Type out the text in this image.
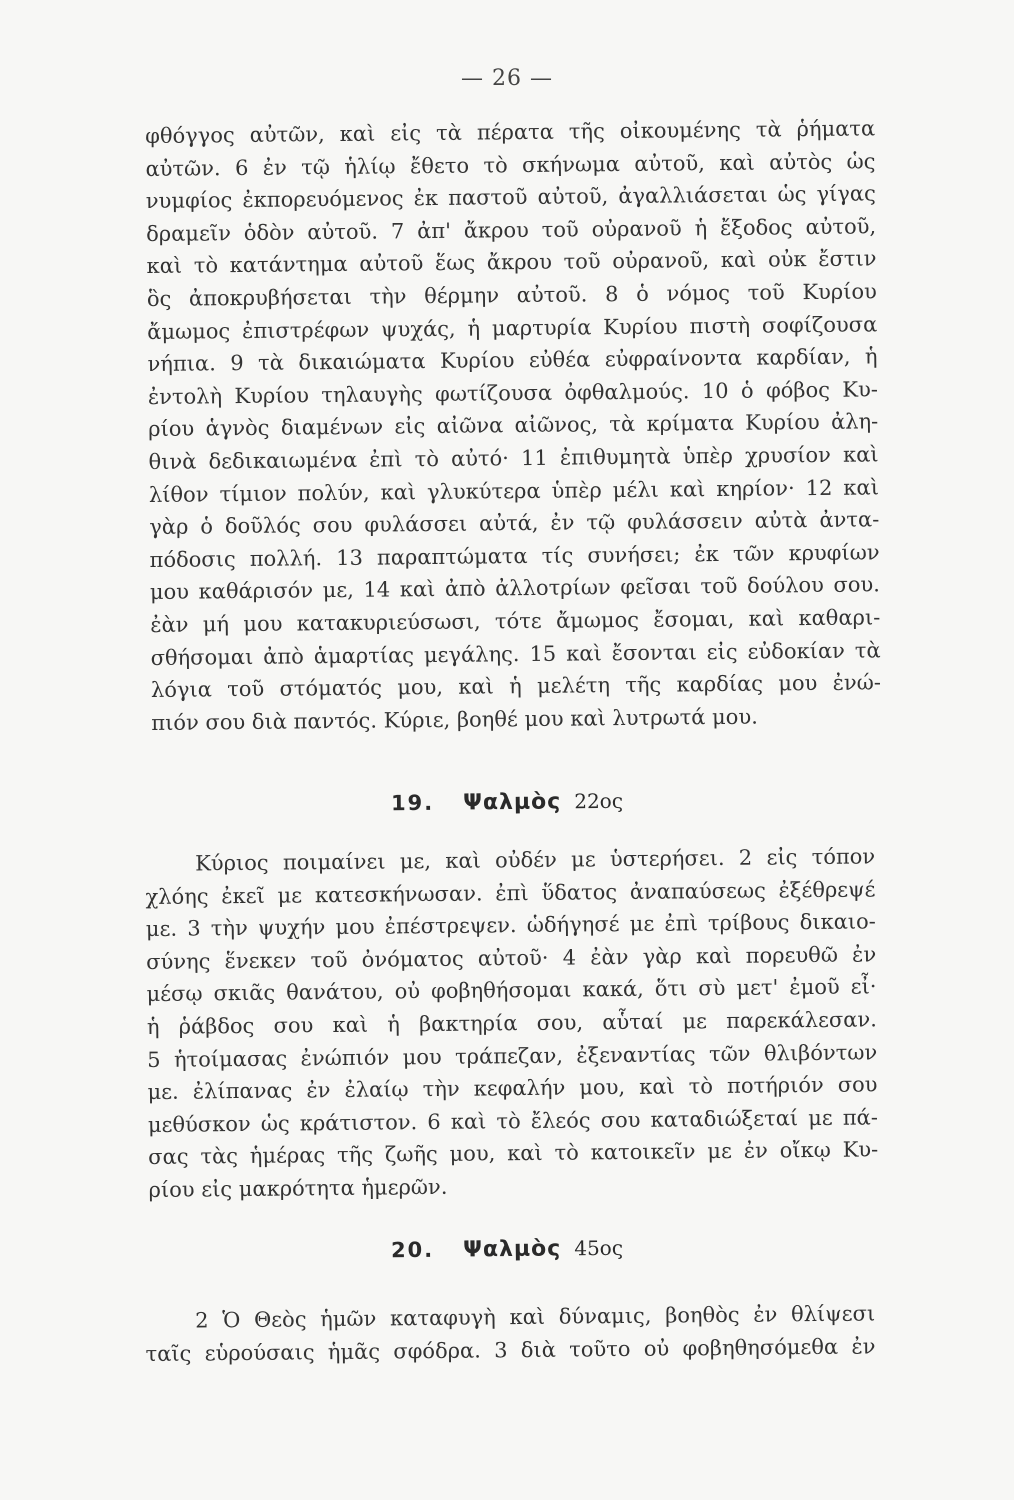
— 26 —
φθόγγος αὐτῶν, καὶ εἰς τὰ πέρατα τῆς οἰκουμένης τὰ ῥήματα
αὐτῶν. 6 ἐν τῷ ἡλίῳ ἔθετο τὸ σκήνωμα αὐτοῦ, καὶ αὐτὸς ὡς
νυμφίος ἐκπορευόμενος ἐκ παστοῦ αὐτοῦ, ἀγαλλιάσεται ὡς γίγας
δραμεῖν ὁδὸν αὐτοῦ. 7 ἀπ' ἄκρου τοῦ οὐρανοῦ ἡ ἔξοδος αὐτοῦ,
καὶ τὸ κατάντημα αὐτοῦ ἕως ἄκρου τοῦ οὐρανοῦ, καὶ οὐκ ἔστιν
ὃς ἀποκρυβήσεται τὴν θέρμην αὐτοῦ. 8 ὁ νόμος τοῦ Κυρίου
ἄμωμος ἐπιστρέφων ψυχάς, ἡ μαρτυρία Κυρίου πιστὴ σοφίζουσα
νήπια. 9 τὰ δικαιώματα Κυρίου εὐθέα εὐφραίνοντα καρδίαν, ἡ
ἐντολὴ Κυρίου τηλαυγὴς φωτίζουσα ὀφθαλμούς. 10 ὁ φόβος Κυ-
ρίου ἁγνὸς διαμένων εἰς αἰῶνα αἰῶνος, τὰ κρίματα Κυρίου ἀλη-
θινὰ δεδικαιωμένα ἐπὶ τὸ αὐτό· 11 ἐπιθυμητὰ ὑπὲρ χρυσίον καὶ
λίθον τίμιον πολύν, καὶ γλυκύτερα ὑπὲρ μέλι καὶ κηρίον· 12 καὶ
γὰρ ὁ δοῦλός σου φυλάσσει αὐτά, ἐν τῷ φυλάσσειν αὐτὰ ἀντα-
πόδοσις πολλή. 13 παραπτώματα τίς συνήσει; ἐκ τῶν κρυφίων
μου καθάρισόν με, 14 καὶ ἀπὸ ἀλλοτρίων φεῖσαι τοῦ δούλου σου.
ἐὰν μή μου κατακυριεύσωσι, τότε ἄμωμος ἔσομαι, καὶ καθαρι-
σθήσομαι ἀπὸ ἁμαρτίας μεγάλης. 15 καὶ ἔσονται εἰς εὐδοκίαν τὰ
λόγια τοῦ στόματός μου, καὶ ἡ μελέτη τῆς καρδίας μου ἐνώ-
πιόν σου διὰ παντός. Κύριε, βοηθέ μου καὶ λυτρωτά μου.
19. Ψαλμὸς 22ος
Κύριος ποιμαίνει με, καὶ οὐδέν με ὑστερήσει. 2 εἰς τόπον
χλόης ἐκεῖ με κατεσκήνωσαν. ἐπὶ ὕδατος ἀναπαύσεως ἐξέθρεψέ
με. 3 τὴν ψυχήν μου ἐπέστρεψεν. ὡδήγησέ με ἐπὶ τρίβους δικαιο-
σύνης ἕνεκεν τοῦ ὀνόματος αὐτοῦ· 4 ἐὰν γὰρ καὶ πορευθῶ ἐν
μέσῳ σκιᾶς θανάτου, οὐ φοβηθήσομαι κακά, ὅτι σὺ μετ' ἐμοῦ εἶ·
ἡ ῥάβδος σου καὶ ἡ βακτηρία σου, αὗταί με παρεκάλεσαν.
5 ἡτοίμασας ἐνώπιόν μου τράπεζαν, ἐξεναντίας τῶν θλιβόντων
με. ἐλίπανας ἐν ἐλαίῳ τὴν κεφαλήν μου, καὶ τὸ ποτήριόν σου
μεθύσκον ὡς κράτιστον. 6 καὶ τὸ ἔλεός σου καταδιώξεταί με πά-
σας τὰς ἡμέρας τῆς ζωῆς μου, καὶ τὸ κατοικεῖν με ἐν οἴκῳ Κυ-
ρίου εἰς μακρότητα ἡμερῶν.
20. Ψαλμὸς 45ος
2 Ὁ Θεὸς ἡμῶν καταφυγὴ καὶ δύναμις, βοηθὸς ἐν θλίψεσι
ταῖς εὑρούσαις ἡμᾶς σφόδρα. 3 διὰ τοῦτο οὐ φοβηθησόμεθα ἐν
